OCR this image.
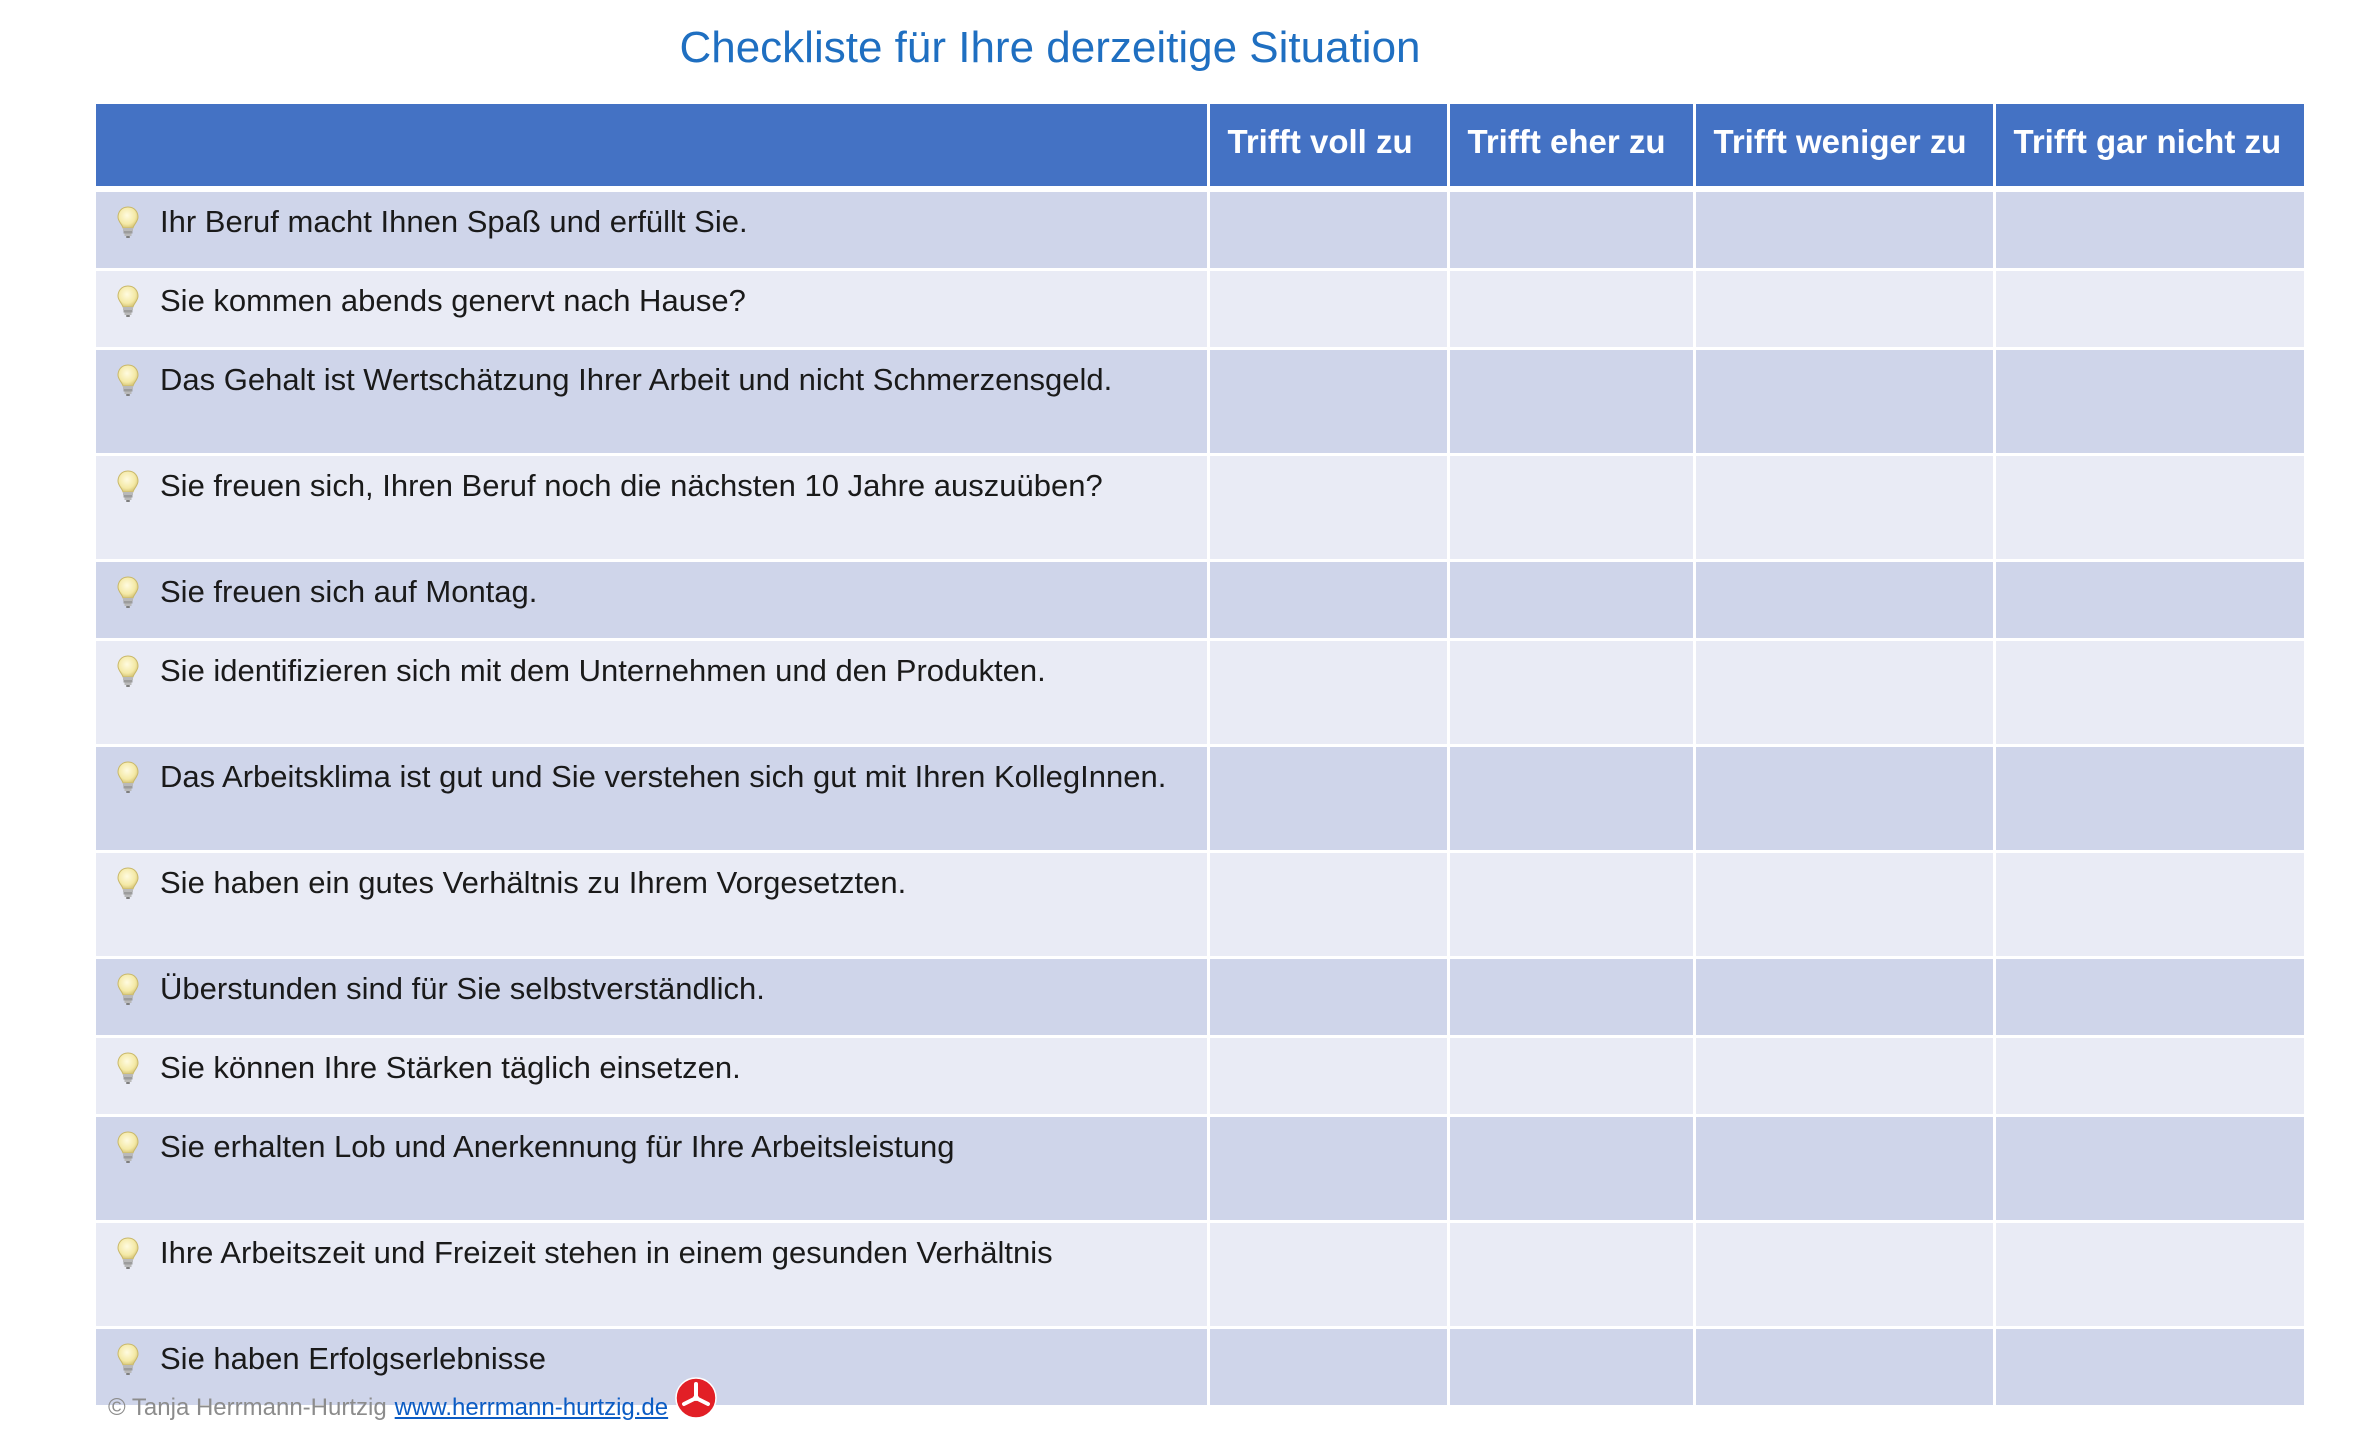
Checkliste für Ihre derzeitige Situation
	Trifft voll zu	Trifft eher zu	Trifft weniger zu	Trifft gar nicht zu

Ihr Beruf macht Ihnen Spaß und erfüllt Sie.				

Sie kommen abends genervt nach Hause?				

Das Gehalt ist Wertschätzung Ihrer Arbeit und nicht Schmerzensgeld.				

Sie freuen sich, Ihren Beruf noch die nächsten 10 Jahre auszuüben?				

Sie freuen sich auf Montag.				

Sie identifizieren sich mit dem Unternehmen und den Produkten.				

Das Arbeitsklima ist gut und Sie verstehen sich gut mit Ihren KollegInnen.				

Sie haben ein gutes Verhältnis zu Ihrem Vorgesetzten.				

Überstunden sind für Sie selbstverständlich.				

Sie können Ihre Stärken täglich einsetzen.				

Sie erhalten Lob und Anerkennung für Ihre Arbeitsleistung				

Ihre Arbeitszeit und Freizeit stehen in einem gesunden Verhältnis				

Sie haben Erfolgserlebnisse				

© Tanja Herrmann-Hurtzig www.herrmann-hurtzig.de
